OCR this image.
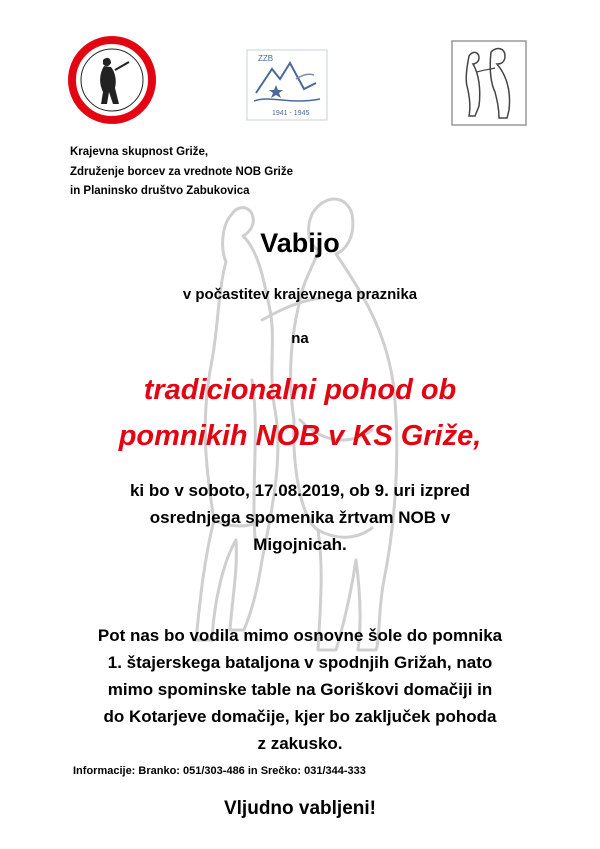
ZZB
1941 - 1945
Krajevna skupnost Griže,
Združenje borcev za vrednote NOB Griže
in Planinsko društvo Zabukovica
Vabijo
v počastitev krajevnega praznika
na
tradicionalni pohod ob
pomnikih NOB v KS Griže,
ki bo v soboto, 17.08.2019, ob 9. uri izpred
osrednjega spomenika žrtvam NOB v
Migojnicah.
Pot nas bo vodila mimo osnovne šole do pomnika
1. štajerskega bataljona v spodnjih Grižah, nato
mimo spominske table na Goriškovi domačiji in
do Kotarjeve domačije, kjer bo zaključek pohoda
z zakusko.
Informacije: Branko: 051/303-486 in Srečko: 031/344-333
Vljudno vabljeni!
